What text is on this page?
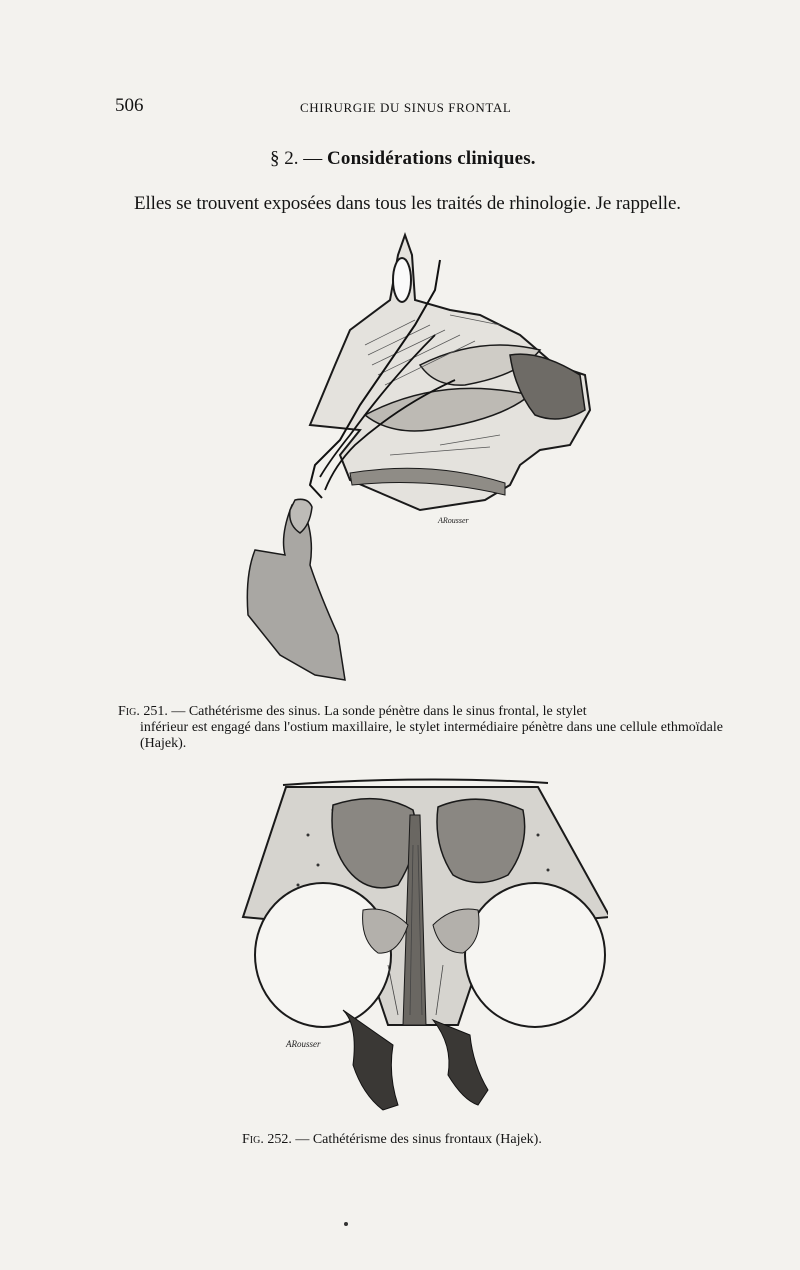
506	CHIRURGIE DU SINUS FRONTAL
§ 2. — Considérations cliniques.
Elles se trouvent exposées dans tous les traités de rhinologie. Je rappelle.
ARousser
Fig. 251. — Cathétérisme des sinus. La sonde pénètre dans le sinus frontal, le stylet
inférieur est engagé dans l'ostium maxillaire, le stylet intermédiaire pénètre dans une cellule ethmoïdale (Hajek).
ARousser
Fig. 252. — Cathétérisme des sinus frontaux (Hajek).
